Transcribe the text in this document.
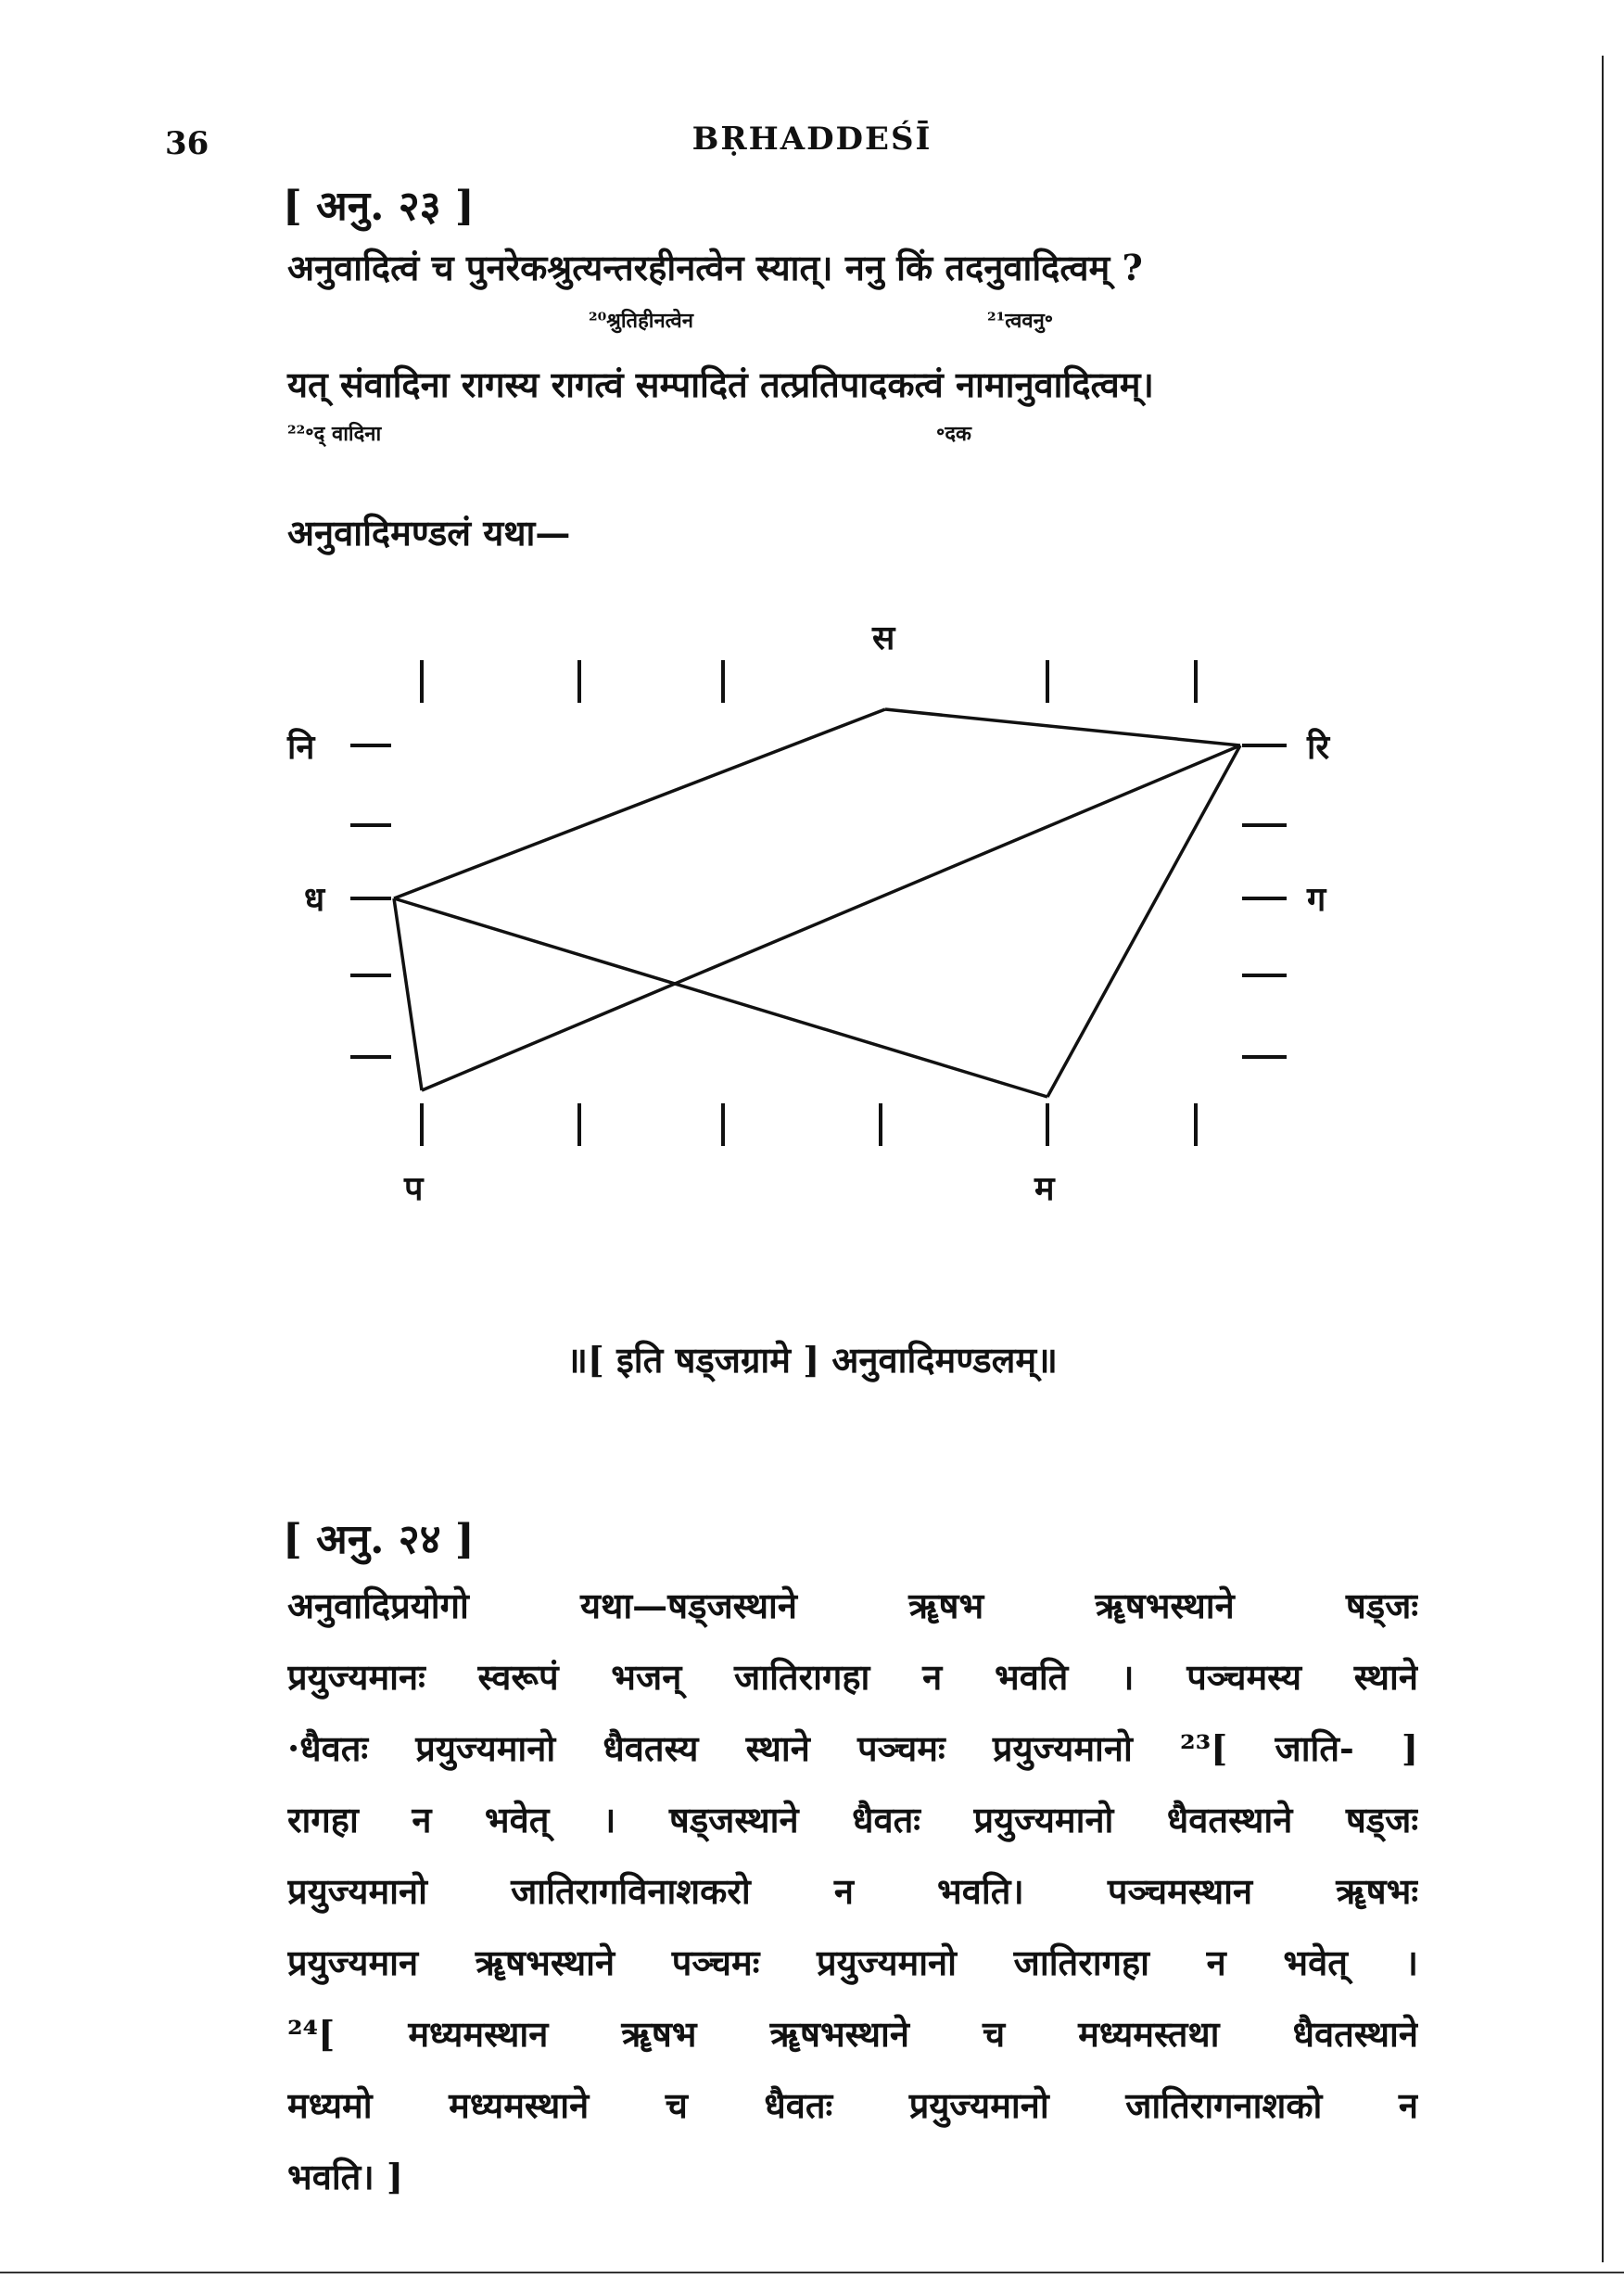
36	BṚHADDEŚĪ
[ अनु. २३ ]
अनुवादित्वं च पुनरेकश्रुत्यन्तरहीनत्वेन स्यात्। ननु किं तदनुवादित्वम् ?
²⁰श्रुतिहीनत्वेन	²¹त्ववनु॰
यत् संवादिना रागस्य रागत्वं सम्पादितं तत्प्रतिपादकत्वं नामानुवादित्वम्।
²²॰द् वादिना	॰दक
अनुवादिमण्डलं यथा—
स
रि
ग
म
प
ध
नि
॥[ इति षड्जग्रामे ] अनुवादिमण्डलम्॥
[ अनु. २४ ]
अनुवादिप्रयोगो यथा—षड्जस्थाने ॠषभ ॠषभस्थाने षड्जः
प्रयुज्यमानः स्वरूपं भजन् जातिरागहा न भवति । पञ्चमस्य स्थाने
·धैवतः प्रयुज्यमानो धैवतस्य स्थाने पञ्चमः प्रयुज्यमानो ²³[ जाति- ]
रागहा न भवेत् । षड्जस्थाने धैवतः प्रयुज्यमानो धैवतस्थाने षड्जः
प्रयुज्यमानो जातिरागविनाशकरो न भवति। पञ्चमस्थान ॠषभः
प्रयुज्यमान ॠषभस्थाने पञ्चमः प्रयुज्यमानो जातिरागहा न भवेत् ।
²⁴[ मध्यमस्थान ॠषभ ॠषभस्थाने च मध्यमस्तथा धैवतस्थाने
मध्यमो मध्यमस्थाने च धैवतः प्रयुज्यमानो जातिरागनाशको न
भवति। ]
